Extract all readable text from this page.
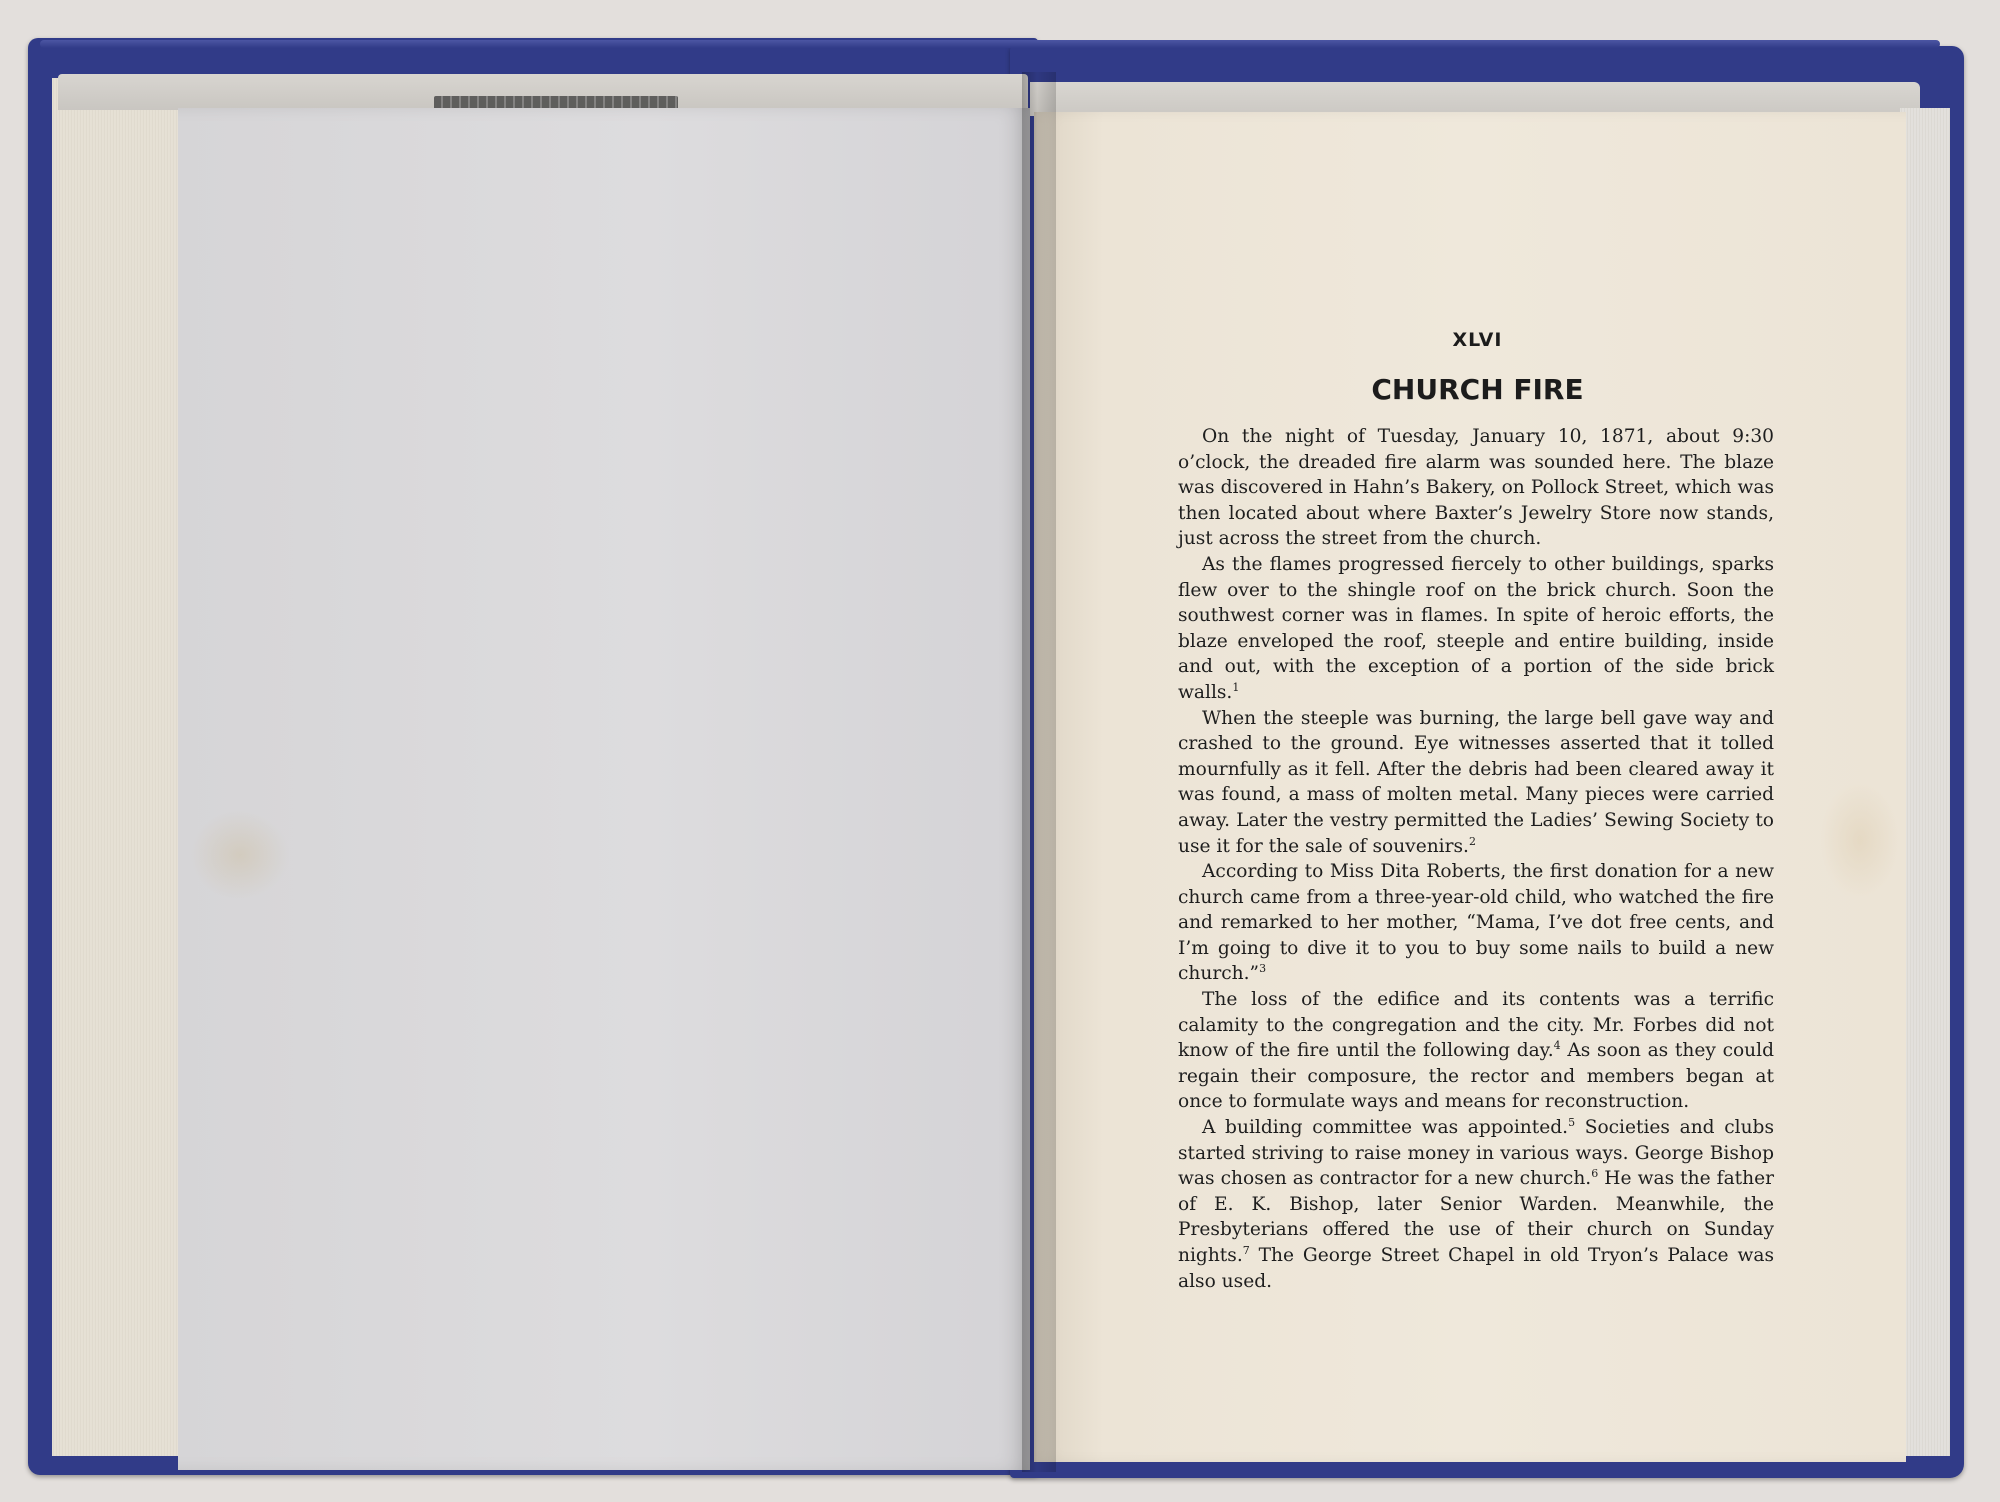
XLVI
CHURCH FIRE

On the night of Tuesday, January 10, 1871, about 9:30 o’clock, the dreaded fire alarm was sounded here. The blaze was discovered in Hahn’s Bakery, on Pollock Street, which was then located about where Baxter’s Jewelry Store now stands, just across the street from the church.

As the flames progressed fiercely to other buildings, sparks flew over to the shingle roof on the brick church. Soon the southwest corner was in flames. In spite of heroic efforts, the blaze enveloped the roof, steeple and entire building, inside and out, with the exception of a portion of the side brick walls.$^1$

When the steeple was burning, the large bell gave way and crashed to the ground. Eye witnesses asserted that it tolled mournfully as it fell. After the debris had been cleared away it was found, a mass of molten metal. Many pieces were carried away. Later the vestry permitted the Ladies’ Sewing Society to use it for the sale of souvenirs.$^2$

According to Miss Dita Roberts, the first donation for a new church came from a three-year-old child, who watched the fire and remarked to her mother, “Mama, I’ve dot free cents, and I’m going to dive it to you to buy some nails to build a new church.”$^3$

The loss of the edifice and its contents was a terrific calamity to the congregation and the city. Mr. Forbes did not know of the fire until the following day.$^4$ As soon as they could regain their composure, the rector and members began at once to formulate ways and means for reconstruction.

A building committee was appointed.$^5$ Societies and clubs started striving to raise money in various ways. George Bishop was chosen as contractor for a new church.$^6$ He was the father of E. K. Bishop, later Senior Warden. Meanwhile, the Presbyterians offered the use of their church on Sunday nights.$^7$ The George Street Chapel in old Tryon’s Palace was also used.
